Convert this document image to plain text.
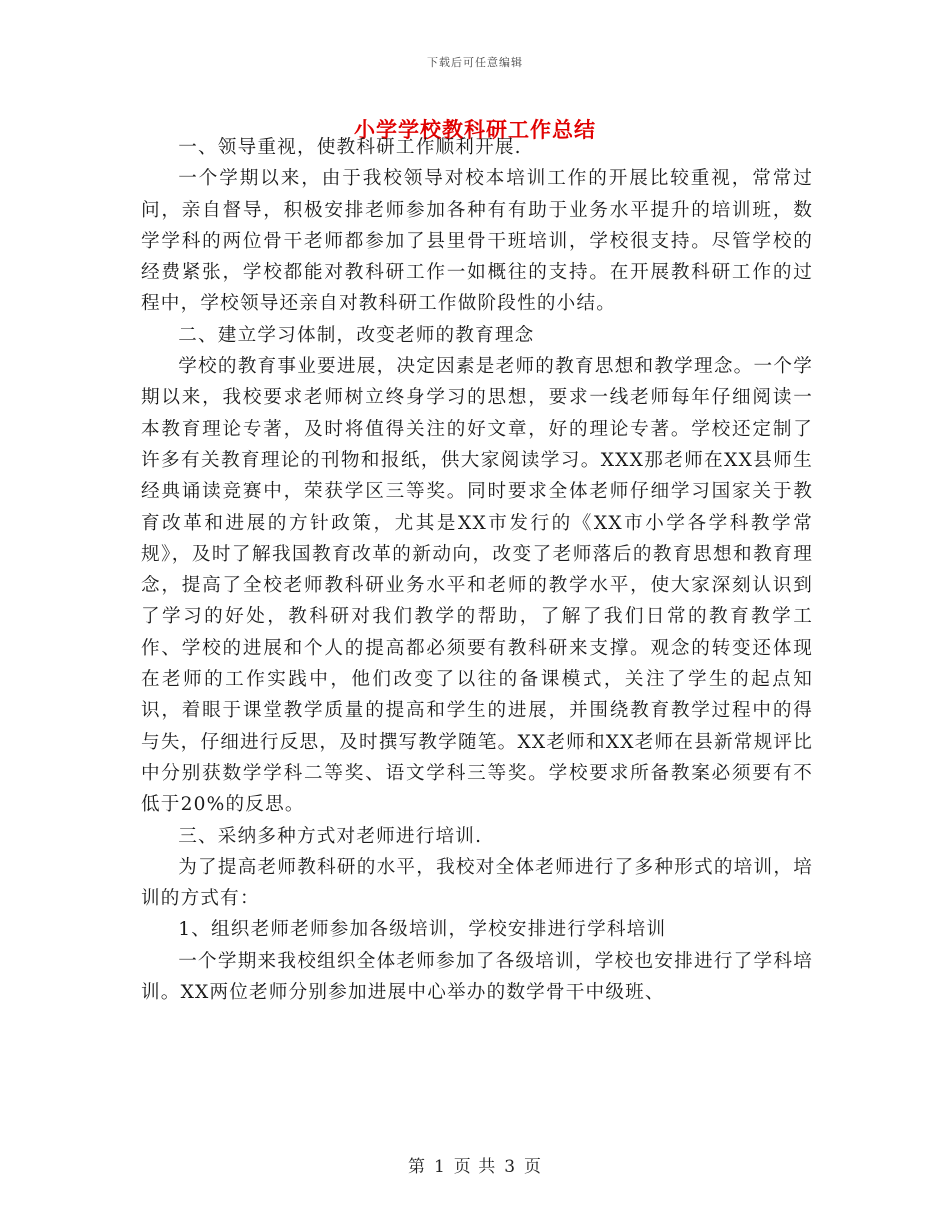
下载后可任意编辑
小学学校教科研工作总结

一、领导重视，使教科研工作顺利开展.

一个学期以来，由于我校领导对校本培训工作的开展比较重视，常常过问，亲自督导，积极安排老师参加各种有有助于业务水平提升的培训班，数学学科的两位骨干老师都参加了县里骨干班培训，学校很支持。尽管学校的经费紧张，学校都能对教科研工作一如概往的支持。在开展教科研工作的过程中，学校领导还亲自对教科研工作做阶段性的小结。

二、建立学习体制，改变老师的教育理念

学校的教育事业要进展，决定因素是老师的教育思想和教学理念。一个学期以来，我校要求老师树立终身学习的思想，要求一线老师每年仔细阅读一本教育理论专著，及时将值得关注的好文章，好的理论专著。学校还定制了许多有关教育理论的刊物和报纸，供大家阅读学习。XXX那老师在XX县师生经典诵读竞赛中，荣获学区三等奖。同时要求全体老师仔细学习国家关于教育改革和进展的方针政策，尤其是XX市发行的《XX市小学各学科教学常规》，及时了解我国教育改革的新动向，改变了老师落后的教育思想和教育理念，提高了全校老师教科研业务水平和老师的教学水平，使大家深刻认识到了学习的好处，教科研对我们教学的帮助，了解了我们日常的教育教学工作、学校的进展和个人的提高都必须要有教科研来支撑。观念的转变还体现在老师的工作实践中，他们改变了以往的备课模式，关注了学生的起点知识，着眼于课堂教学质量的提高和学生的进展，并围绕教育教学过程中的得与失，仔细进行反思，及时撰写教学随笔。XX老师和XX老师在县新常规评比中分别获数学学科二等奖、语文学科三等奖。学校要求所备教案必须要有不低于20%的反思。

三、采纳多种方式对老师进行培训.

为了提高老师教科研的水平，我校对全体老师进行了多种形式的培训，培训的方式有：

1、组织老师老师参加各级培训，学校安排进行学科培训

一个学期来我校组织全体老师参加了各级培训，学校也安排进行了学科培训。XX两位老师分别参加进展中心举办的数学骨干中级班、

第 1 页 共 3 页
